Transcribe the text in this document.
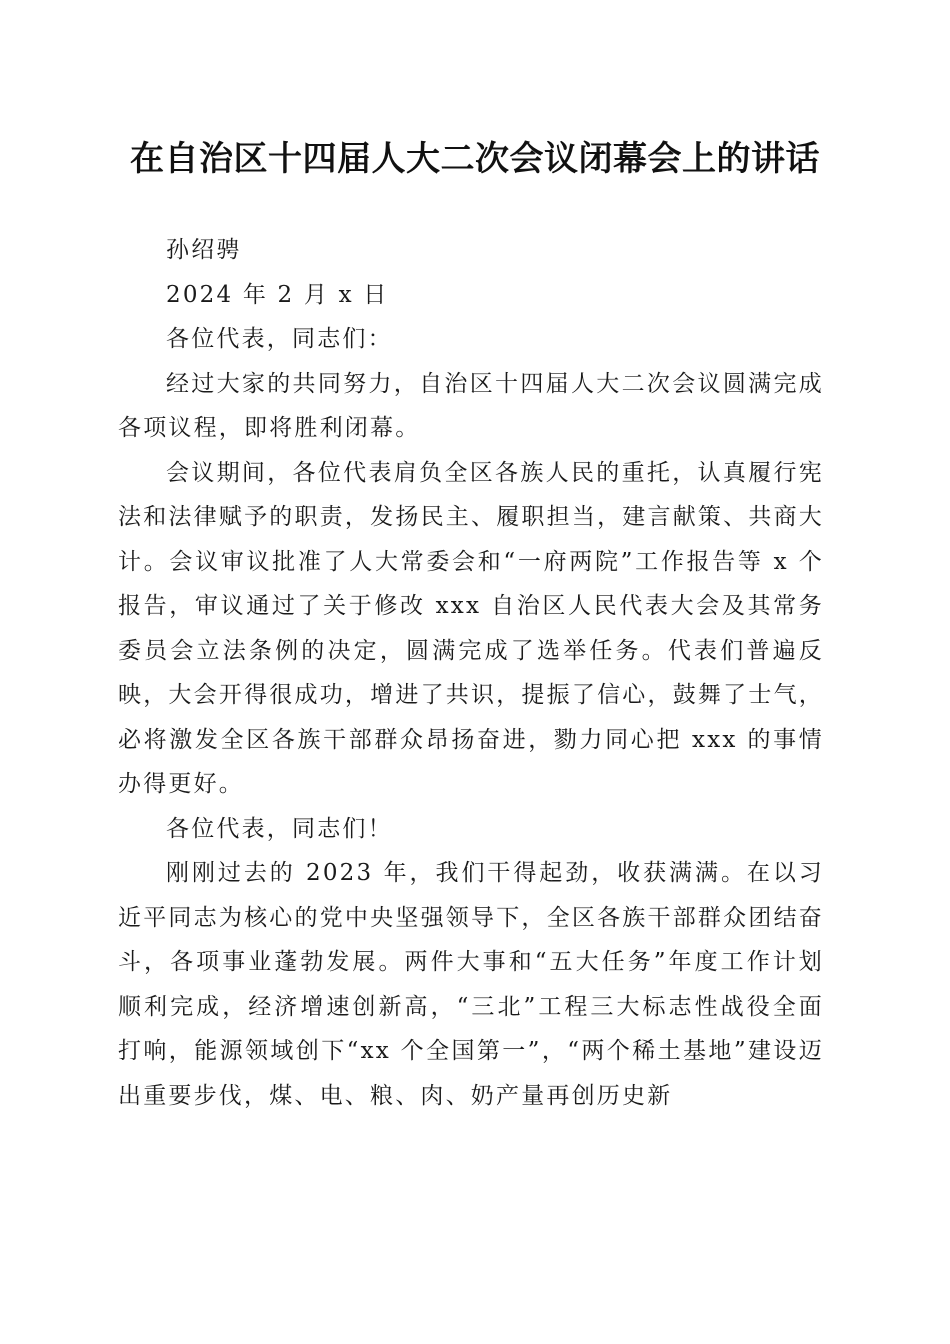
在自治区十四届人大二次会议闭幕会上的讲话

孙绍骋

2024 年 2 月 x 日

各位代表，同志们：

经过大家的共同努力，自治区十四届人大二次会议圆满完成各项议程，即将胜利闭幕。

会议期间，各位代表肩负全区各族人民的重托，认真履行宪法和法律赋予的职责，发扬民主、履职担当，建言献策、共商大计。会议审议批准了人大常委会和“一府两院”工作报告等 x 个报告，审议通过了关于修改 xxx 自治区人民代表大会及其常务委员会立法条例的决定，圆满完成了选举任务。代表们普遍反映，大会开得很成功，增进了共识，提振了信心，鼓舞了士气，必将激发全区各族干部群众昂扬奋进，勠力同心把 xxx 的事情办得更好。

各位代表，同志们！

刚刚过去的 2023 年，我们干得起劲，收获满满。在以习近平同志为核心的党中央坚强领导下，全区各族干部群众团结奋斗，各项事业蓬勃发展。两件大事和“五大任务”年度工作计划顺利完成，经济增速创新高，“三北”工程三大标志性战役全面打响，能源领域创下“xx 个全国第一”，“两个稀土基地”建设迈出重要步伐，煤、电、粮、肉、奶产量再创历史新
